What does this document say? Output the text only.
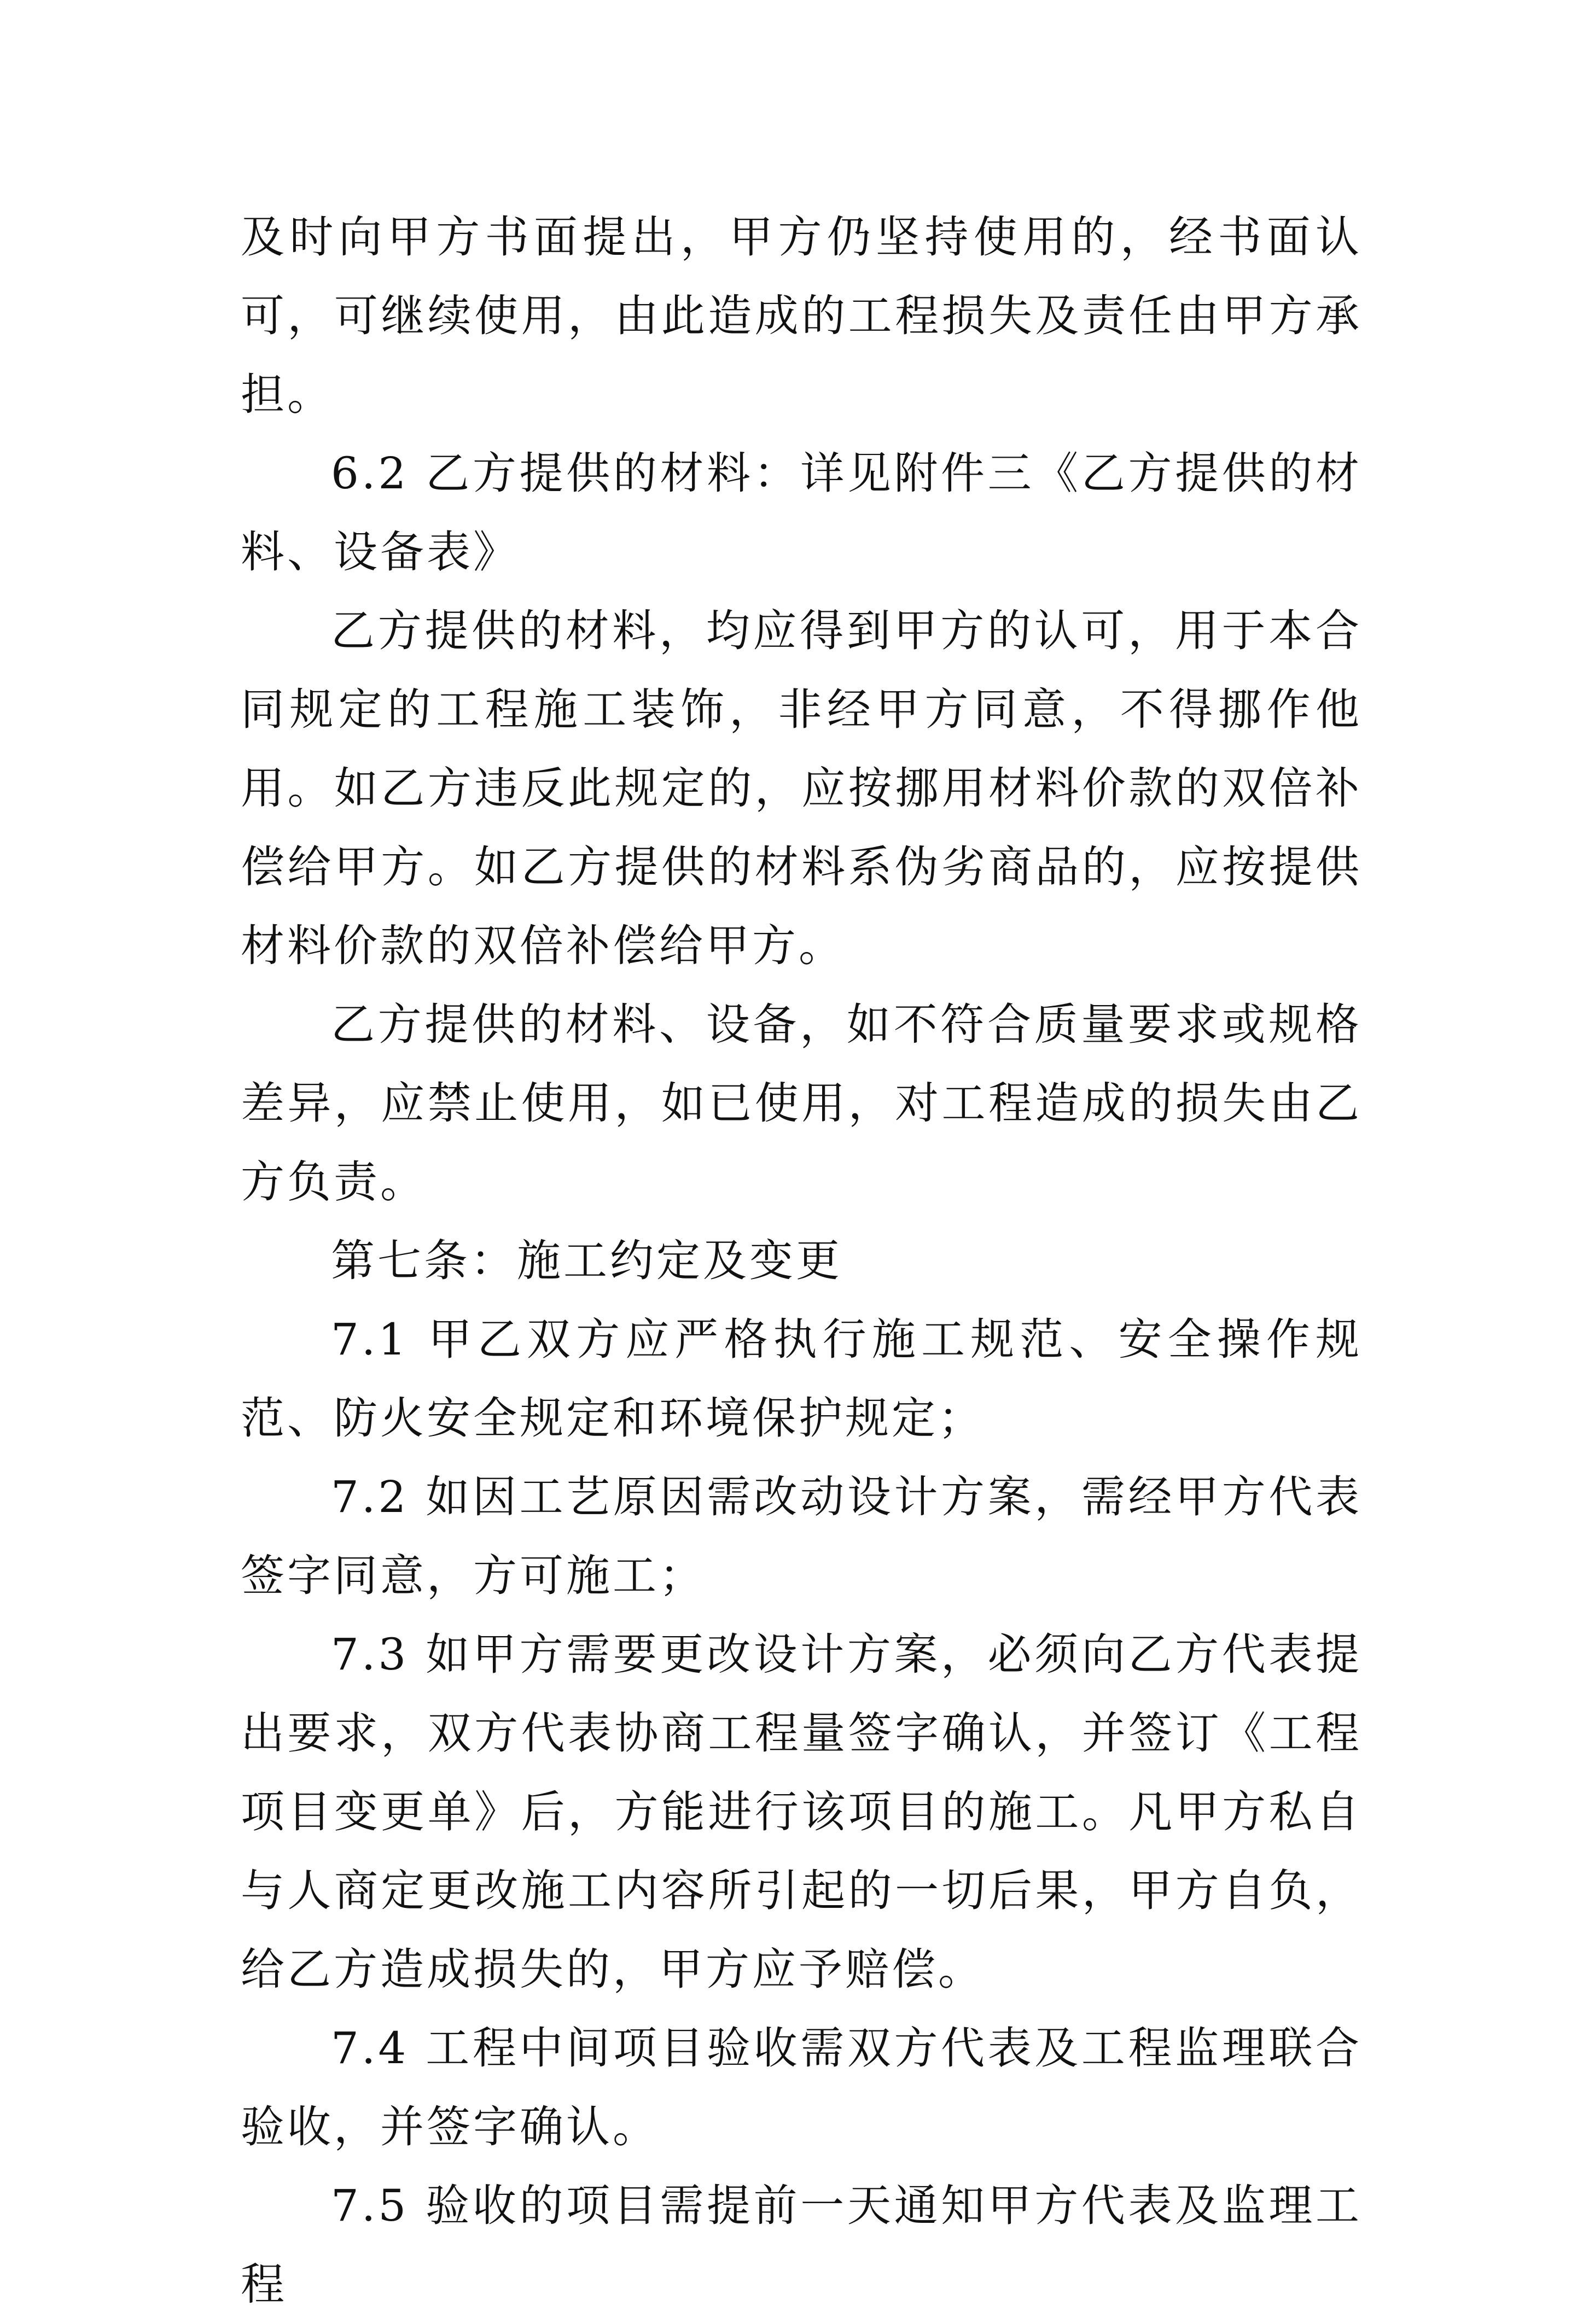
及时向甲方书面提出，甲方仍坚持使用的，经书面认可，可继续使用，由此造成的工程损失及责任由甲方承担。

6.2 乙方提供的材料：详见附件三《乙方提供的材料、设备表》

乙方提供的材料，均应得到甲方的认可，用于本合同规定的工程施工装饰，非经甲方同意，不得挪作他用。如乙方违反此规定的，应按挪用材料价款的双倍补偿给甲方。如乙方提供的材料系伪劣商品的，应按提供材料价款的双倍补偿给甲方。

乙方提供的材料、设备，如不符合质量要求或规格差异，应禁止使用，如已使用，对工程造成的损失由乙方负责。

第七条：施工约定及变更

7.1 甲乙双方应严格执行施工规范、安全操作规范、防火安全规定和环境保护规定；

7.2 如因工艺原因需改动设计方案，需经甲方代表签字同意，方可施工；

7.3 如甲方需要更改设计方案，必须向乙方代表提出要求，双方代表协商工程量签字确认，并签订《工程项目变更单》后，方能进行该项目的施工。凡甲方私自与人商定更改施工内容所引起的一切后果，甲方自负，给乙方造成损失的，甲方应予赔偿。

7.4 工程中间项目验收需双方代表及工程监理联合验收，并签字确认。

7.5 验收的项目需提前一天通知甲方代表及监理工程
